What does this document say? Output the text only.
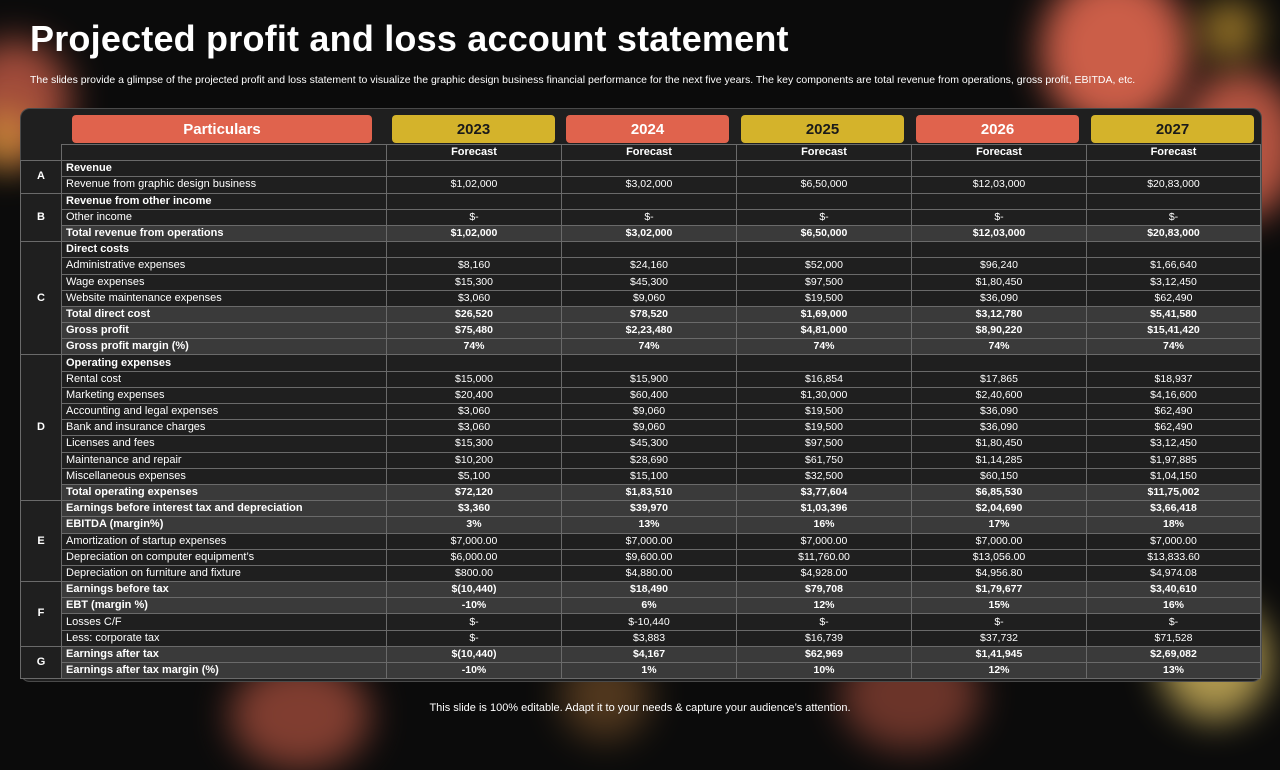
Projected profit and loss account statement

The slides provide a glimpse of the projected profit and loss statement to visualize the graphic design business financial performance for the next five years. The key components are total revenue from operations, gross profit, EBITDA, etc.

Particulars	2023	2024	2025	2026	2027
		Forecast	Forecast	Forecast	Forecast	Forecast
A	Revenue					
	Revenue from graphic design business	$1,02,000	$3,02,000	$6,50,000	$12,03,000	$20,83,000
B	Revenue from other income					
	Other income	$-	$-	$-	$-	$-
	Total revenue from operations	$1,02,000	$3,02,000	$6,50,000	$12,03,000	$20,83,000
C	Direct costs					
	Administrative expenses	$8,160	$24,160	$52,000	$96,240	$1,66,640
	Wage expenses	$15,300	$45,300	$97,500	$1,80,450	$3,12,450
	Website maintenance expenses	$3,060	$9,060	$19,500	$36,090	$62,490
	Total direct cost	$26,520	$78,520	$1,69,000	$3,12,780	$5,41,580
	Gross profit	$75,480	$2,23,480	$4,81,000	$8,90,220	$15,41,420
	Gross profit margin (%)	74%	74%	74%	74%	74%
D	Operating expenses					
	Rental cost	$15,000	$15,900	$16,854	$17,865	$18,937
	Marketing expenses	$20,400	$60,400	$1,30,000	$2,40,600	$4,16,600
	Accounting and legal expenses	$3,060	$9,060	$19,500	$36,090	$62,490
	Bank and insurance charges	$3,060	$9,060	$19,500	$36,090	$62,490
	Licenses and fees	$15,300	$45,300	$97,500	$1,80,450	$3,12,450
	Maintenance and repair	$10,200	$28,690	$61,750	$1,14,285	$1,97,885
	Miscellaneous expenses	$5,100	$15,100	$32,500	$60,150	$1,04,150
	Total operating expenses	$72,120	$1,83,510	$3,77,604	$6,85,530	$11,75,002
E	Earnings before interest tax and depreciation	$3,360	$39,970	$1,03,396	$2,04,690	$3,66,418
	EBITDA (margin%)	3%	13%	16%	17%	18%
	Amortization of startup expenses	$7,000.00	$7,000.00	$7,000.00	$7,000.00	$7,000.00
	Depreciation on computer equipment’s	$6,000.00	$9,600.00	$11,760.00	$13,056.00	$13,833.60
	Depreciation on furniture and fixture	$800.00	$4,880.00	$4,928.00	$4,956.80	$4,974.08
F	Earnings before tax	$(10,440)	$18,490	$79,708	$1,79,677	$3,40,610
	EBT (margin %)	-10%	6%	12%	15%	16%
	Losses C/F	$-	$-10,440	$-	$-	$-
	Less: corporate tax	$-	$3,883	$16,739	$37,732	$71,528
G	Earnings after tax	$(10,440)	$4,167	$62,969	$1,41,945	$2,69,082
	Earnings after tax margin (%)	-10%	1%	10%	12%	13%
This slide is 100% editable. Adapt it to your needs & capture your audience’s attention.
